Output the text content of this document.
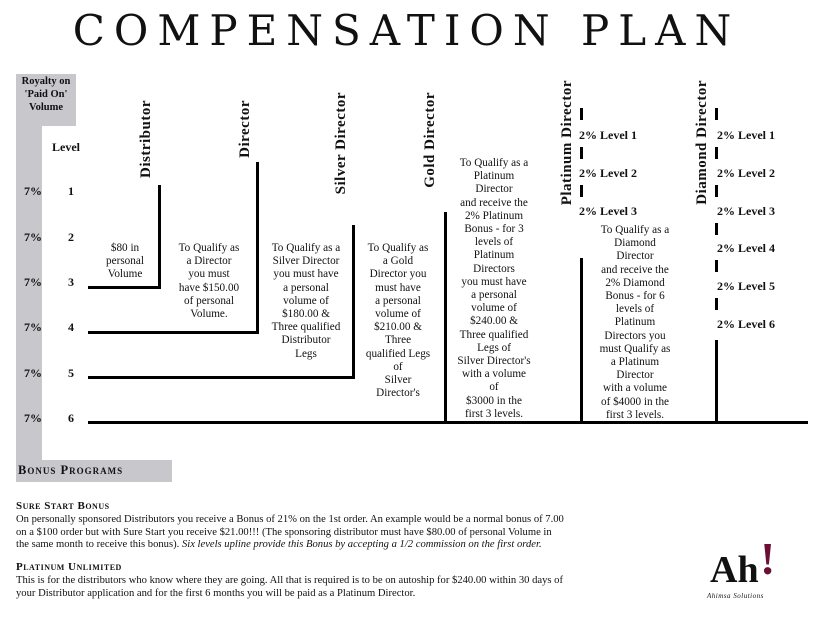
COMPENSATION PLAN
Royalty on
'Paid On'
Volume
Level
7%	1
7%	2
7%	3
7%	4
7%	5
7%	6
Distributor	Director	Silver Director	Gold Director	Platinum Director	Diamond Director
$80 in
personal
Volume
To Qualify as
a Director
you must
have $150.00
of personal
Volume.
To Qualify as a
Silver Director
you must have
a personal
volume of
$180.00 &
Three qualified
Distributor
Legs
To Qualify as
a Gold
Director you
must have
a personal
volume of
$210.00 &
Three
qualified Legs
of
Silver
Director's
To Qualify as a
Platinum
Director
and receive the
2% Platinum
Bonus - for 3
levels of
Platinum
Directors
you must have
a personal
volume of
$240.00 &
Three qualified
Legs of
Silver Director's
with a volume
of
$3000 in the
first 3 levels.
To Qualify as a
Diamond
Director
and receive the
2% Diamond
Bonus - for 6
levels of
Platinum
Directors you
must Qualify as
a Platinum
Director
with a volume
of $4000 in the
first 3 levels.
2% Level 1
2% Level 2
2% Level 3
2% Level 1
2% Level 2
2% Level 3
2% Level 4
2% Level 5
2% Level 6
Bonus Programs
Sure Start Bonus
On personally sponsored Distributors you receive a Bonus of 21% on the 1st order. An example would be a normal bonus of 7.00
on a $100 order but with Sure Start you receive $21.00!!! (The sponsoring distributor must have $80.00 of personal Volume in
the same month to receive this bonus). Six levels upline provide this Bonus by accepting a 1/2 commission on the first order.
Platinum Unlimited
This is for the distributors who know where they are going. All that is required is to be on autoship for $240.00 within 30 days of
your Distributor application and for the first 6 months you will be paid as a Platinum Director.
Ah !
Ahimsa Solutions
